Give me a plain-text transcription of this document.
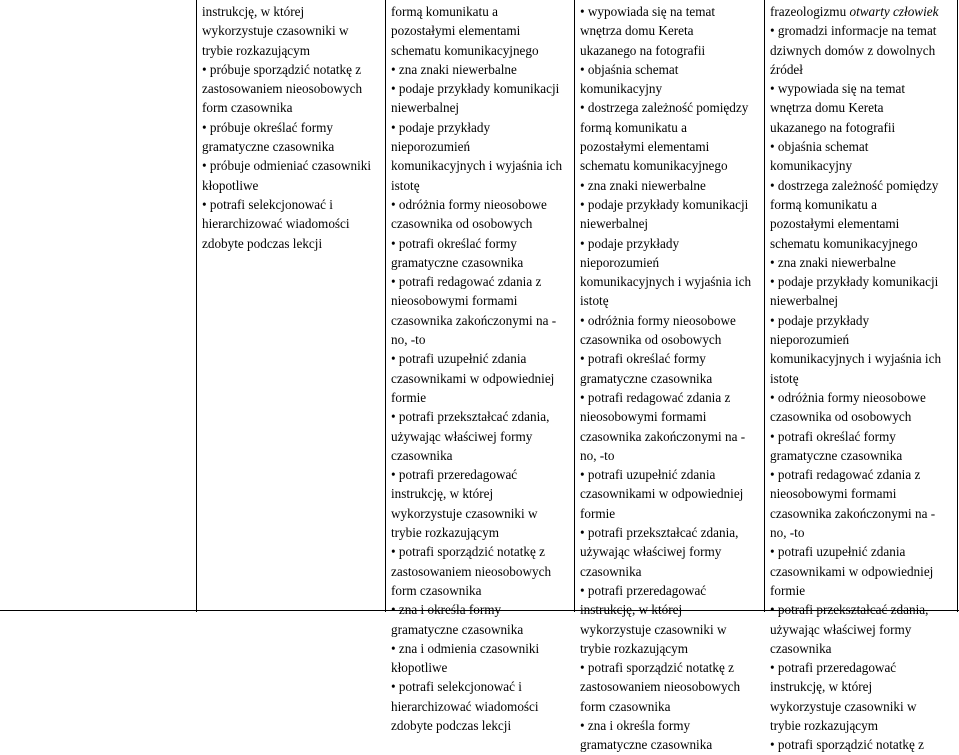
instrukcję, w której
wykorzystuje czasowniki w
trybie rozkazującym
• próbuje sporządzić notatkę z
zastosowaniem nieosobowych
form czasownika
• próbuje określać formy
gramatyczne czasownika
• próbuje odmieniać czasowniki
kłopotliwe
• potrafi selekcjonować i
hierarchizować wiadomości
zdobyte podczas lekcji
formą komunikatu a
pozostałymi elementami
schematu komunikacyjnego
• zna znaki niewerbalne
• podaje przykłady komunikacji
niewerbalnej
• podaje przykłady
nieporozumień
komunikacyjnych i wyjaśnia ich
istotę
• odróżnia formy nieosobowe
czasownika od osobowych
• potrafi określać formy
gramatyczne czasownika
• potrafi redagować zdania z
nieosobowymi formami
czasownika zakończonymi na -
no, -to
• potrafi uzupełnić zdania
czasownikami w odpowiedniej
formie
• potrafi przekształcać zdania,
używając właściwej formy
czasownika
• potrafi przeredagować
instrukcję, w której
wykorzystuje czasowniki w
trybie rozkazującym
• potrafi sporządzić notatkę z
zastosowaniem nieosobowych
form czasownika
• zna i określa formy
gramatyczne czasownika
• zna i odmienia czasowniki
kłopotliwe
• potrafi selekcjonować i
hierarchizować wiadomości
zdobyte podczas lekcji
• wypowiada się na temat
wnętrza domu Kereta
ukazanego na fotografii
• objaśnia schemat
komunikacyjny
• dostrzega zależność pomiędzy
formą komunikatu a
pozostałymi elementami
schematu komunikacyjnego
• zna znaki niewerbalne
• podaje przykłady komunikacji
niewerbalnej
• podaje przykłady
nieporozumień
komunikacyjnych i wyjaśnia ich
istotę
• odróżnia formy nieosobowe
czasownika od osobowych
• potrafi określać formy
gramatyczne czasownika
• potrafi redagować zdania z
nieosobowymi formami
czasownika zakończonymi na -
no, -to
• potrafi uzupełnić zdania
czasownikami w odpowiedniej
formie
• potrafi przekształcać zdania,
używając właściwej formy
czasownika
• potrafi przeredagować
instrukcję, w której
wykorzystuje czasowniki w
trybie rozkazującym
• potrafi sporządzić notatkę z
zastosowaniem nieosobowych
form czasownika
• zna i określa formy
gramatyczne czasownika
frazeologizmu otwarty człowiek
• gromadzi informacje na temat
dziwnych domów z dowolnych
źródeł
• wypowiada się na temat
wnętrza domu Kereta
ukazanego na fotografii
• objaśnia schemat
komunikacyjny
• dostrzega zależność pomiędzy
formą komunikatu a
pozostałymi elementami
schematu komunikacyjnego
• zna znaki niewerbalne
• podaje przykłady komunikacji
niewerbalnej
• podaje przykłady
nieporozumień
komunikacyjnych i wyjaśnia ich
istotę
• odróżnia formy nieosobowe
czasownika od osobowych
• potrafi określać formy
gramatyczne czasownika
• potrafi redagować zdania z
nieosobowymi formami
czasownika zakończonymi na -
no, -to
• potrafi uzupełnić zdania
czasownikami w odpowiedniej
formie
• potrafi przekształcać zdania,
używając właściwej formy
czasownika
• potrafi przeredagować
instrukcję, w której
wykorzystuje czasowniki w
trybie rozkazującym
• potrafi sporządzić notatkę z
